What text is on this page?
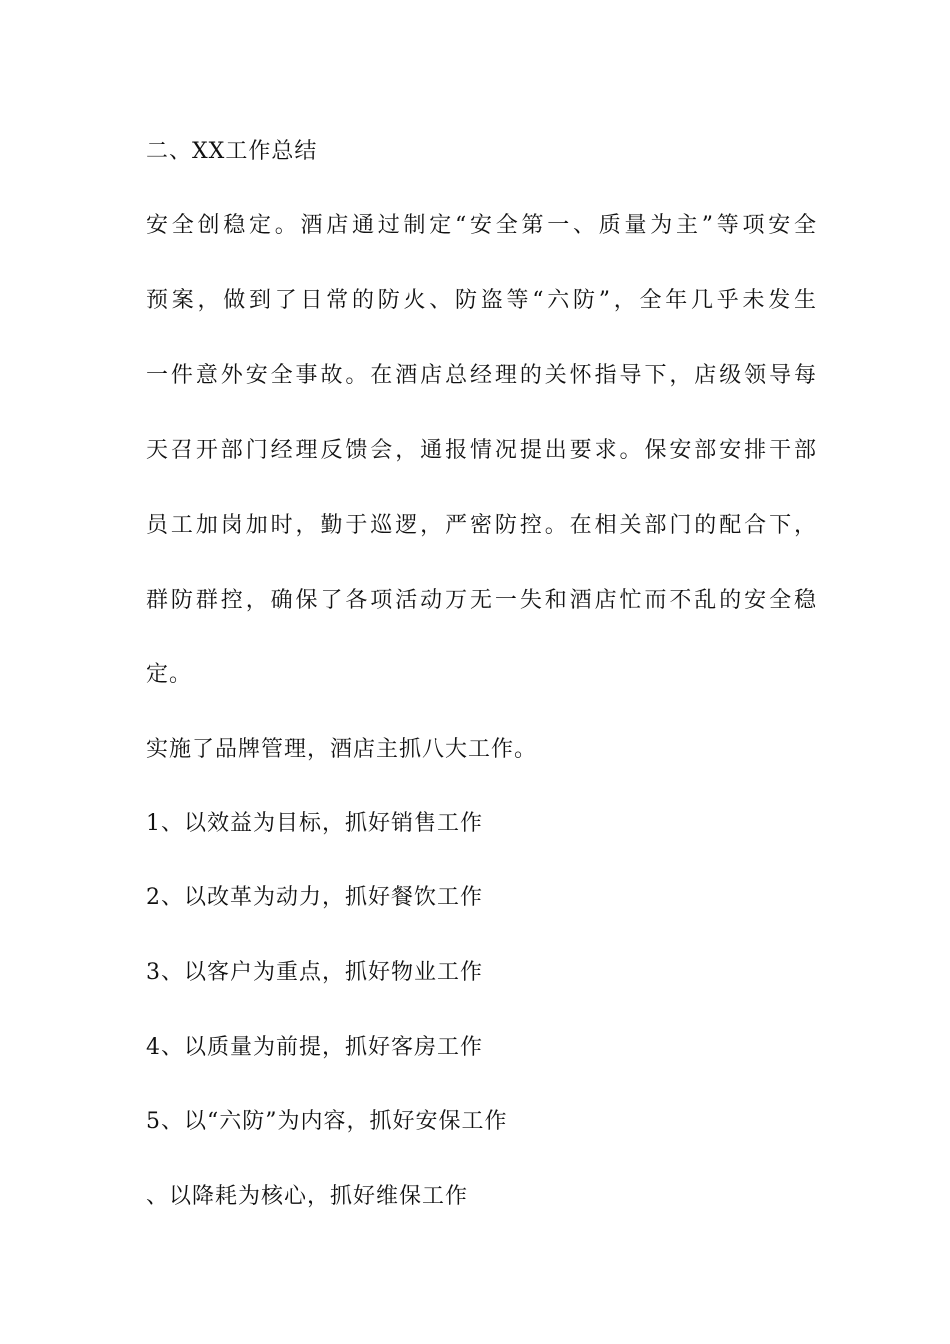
二、XX工作总结
安全创稳定。酒店通过制定“安全第一、质量为主”等项安全
预案，做到了日常的防火、防盗等“六防”，全年几乎未发生
一件意外安全事故。在酒店总经理的关怀指导下，店级领导每
天召开部门经理反馈会，通报情况提出要求。保安部安排干部
员工加岗加时，勤于巡逻，严密防控。在相关部门的配合下，
群防群控，确保了各项活动万无一失和酒店忙而不乱的安全稳
定。
实施了品牌管理，酒店主抓八大工作。
1、以效益为目标，抓好销售工作
2、以改革为动力，抓好餐饮工作
3、以客户为重点，抓好物业工作
4、以质量为前提，抓好客房工作
5、以“六防”为内容，抓好安保工作
、以降耗为核心，抓好维保工作
